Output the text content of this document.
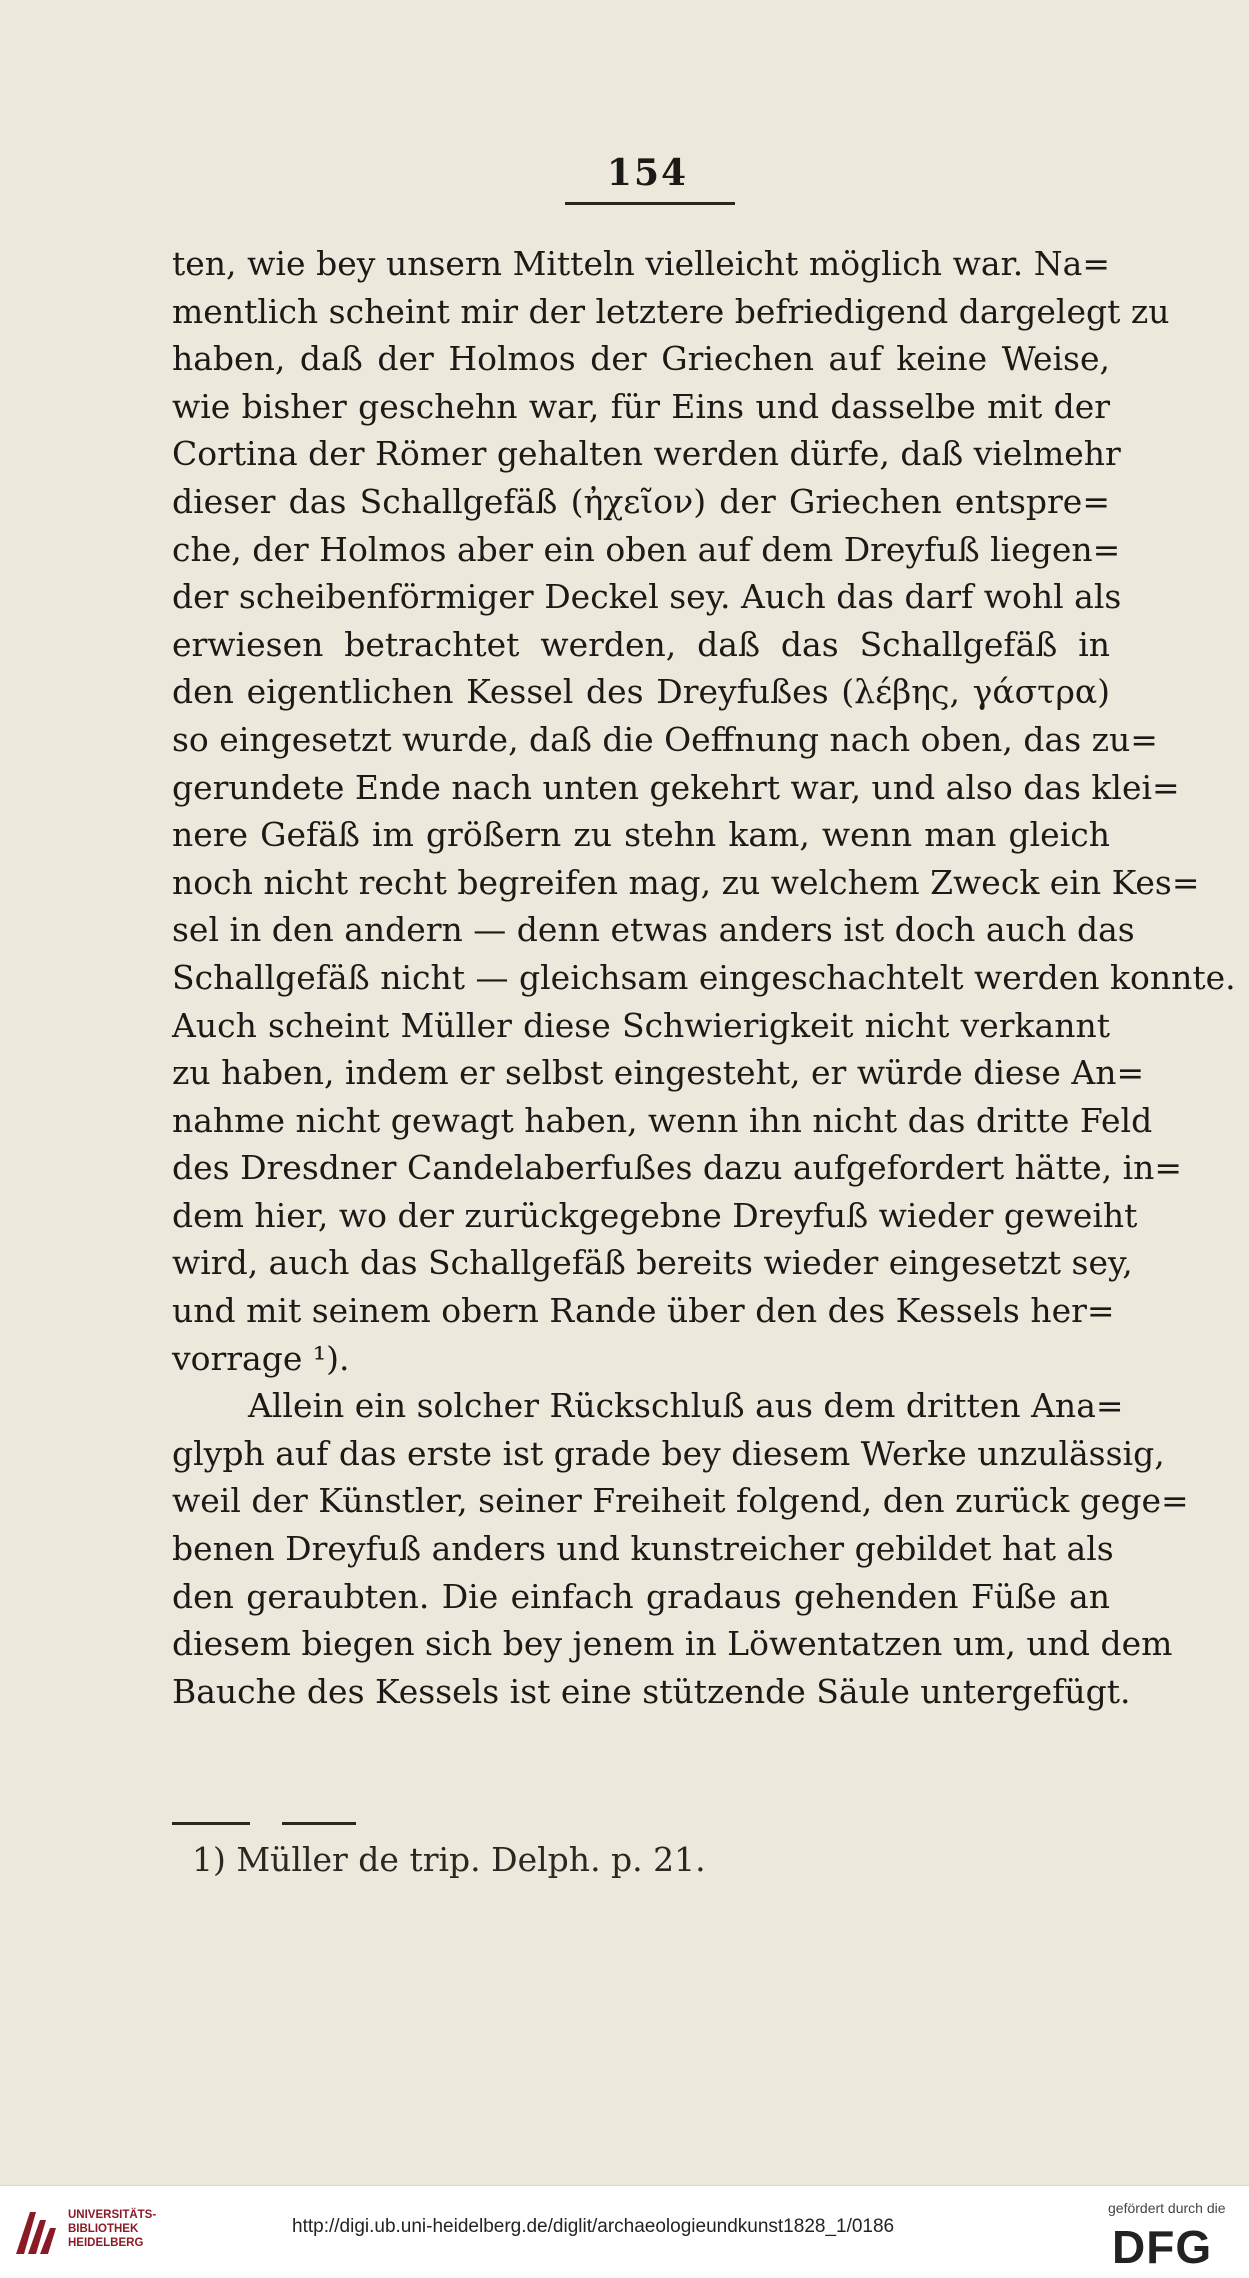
154
ten, wie bey unsern Mitteln vielleicht möglich war. Na=
mentlich scheint mir der letztere befriedigend dargelegt zu
haben, daß der Holmos der Griechen auf keine Weise,
wie bisher geschehn war, für Eins und dasselbe mit der
Cortina der Römer gehalten werden dürfe, daß vielmehr
dieser das Schallgefäß (ἠχεῖον) der Griechen entspre=
che, der Holmos aber ein oben auf dem Dreyfuß liegen=
der scheibenförmiger Deckel sey. Auch das darf wohl als
erwiesen betrachtet werden, daß das Schallgefäß in
den eigentlichen Kessel des Dreyfußes (λέβης, γάστρα)
so eingesetzt wurde, daß die Oeffnung nach oben, das zu=
gerundete Ende nach unten gekehrt war, und also das klei=
nere Gefäß im größern zu stehn kam, wenn man gleich
noch nicht recht begreifen mag, zu welchem Zweck ein Kes=
sel in den andern — denn etwas anders ist doch auch das
Schallgefäß nicht — gleichsam eingeschachtelt werden konnte.
Auch scheint Müller diese Schwierigkeit nicht verkannt
zu haben, indem er selbst eingesteht, er würde diese An=
nahme nicht gewagt haben, wenn ihn nicht das dritte Feld
des Dresdner Candelaberfußes dazu aufgefordert hätte, in=
dem hier, wo der zurückgegebne Dreyfuß wieder geweiht
wird, auch das Schallgefäß bereits wieder eingesetzt sey,
und mit seinem obern Rande über den des Kessels her=
vorrage ¹).
Allein ein solcher Rückschluß aus dem dritten Ana=
glyph auf das erste ist grade bey diesem Werke unzulässig,
weil der Künstler, seiner Freiheit folgend, den zurück gege=
benen Dreyfuß anders und kunstreicher gebildet hat als
den geraubten. Die einfach gradaus gehenden Füße an
diesem biegen sich bey jenem in Löwentatzen um, und dem
Bauche des Kessels ist eine stützende Säule untergefügt.
1) Müller de trip. Delph. p. 21.
UNIVERSITÄTS-
BIBLIOTHEK
HEIDELBERG
http://digi.ub.uni-heidelberg.de/diglit/archaeologieundkunst1828_1/0186
gefördert durch die
DFG
